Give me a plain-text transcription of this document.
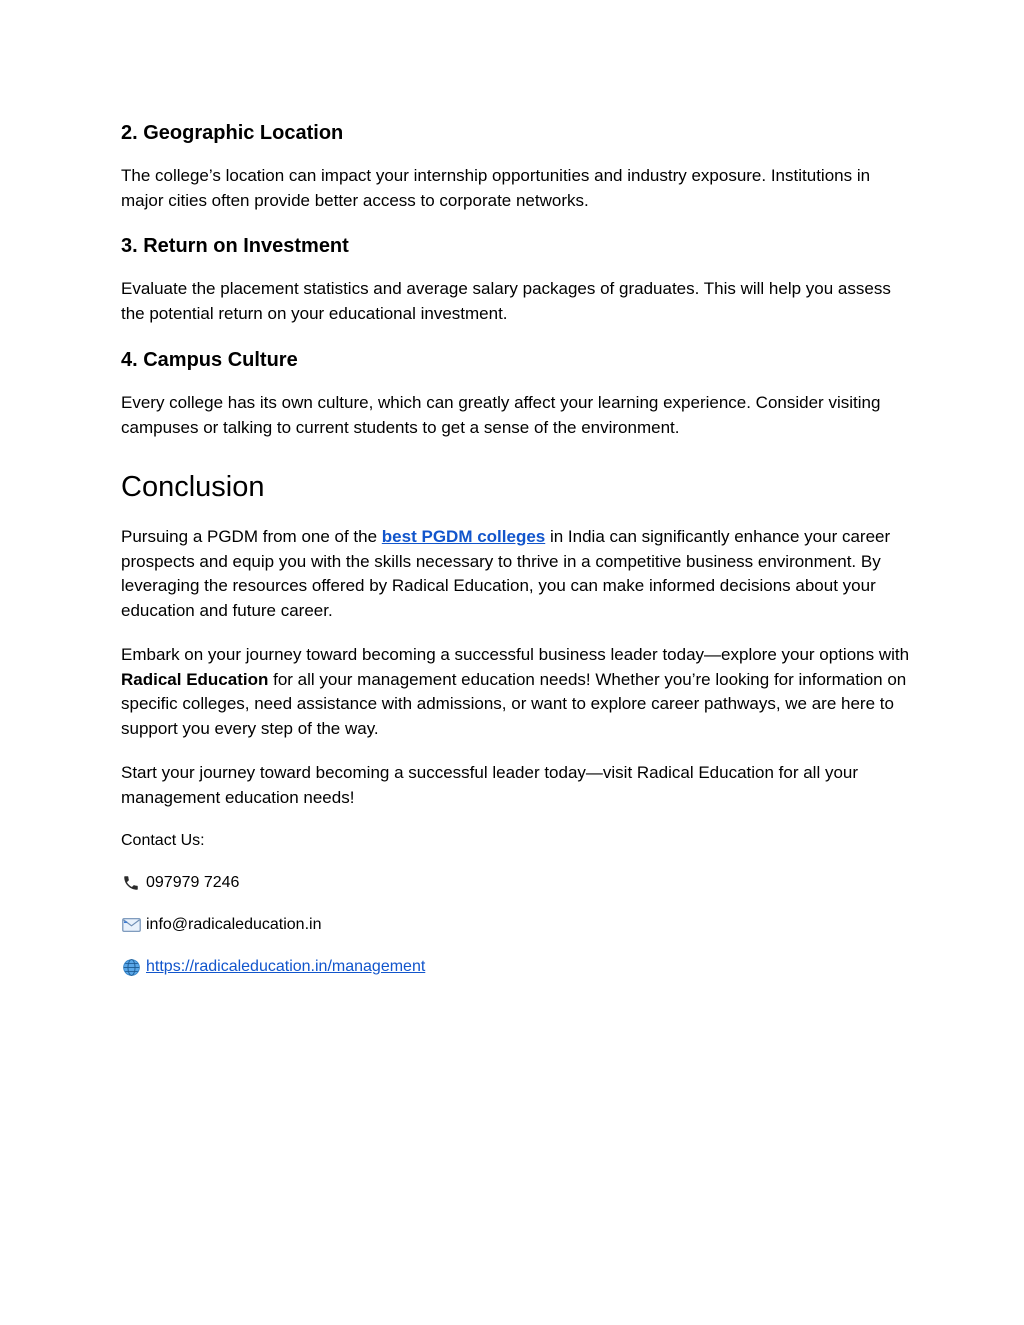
2. Geographic Location

The college’s location can impact your internship opportunities and industry exposure. Institutions in major cities often provide better access to corporate networks.

3. Return on Investment

Evaluate the placement statistics and average salary packages of graduates. This will help you assess the potential return on your educational investment.

4. Campus Culture

Every college has its own culture, which can greatly affect your learning experience. Consider visiting campuses or talking to current students to get a sense of the environment.

Conclusion

Pursuing a PGDM from one of the best PGDM colleges in India can significantly enhance your career prospects and equip you with the skills necessary to thrive in a competitive business environment. By leveraging the resources offered by Radical Education, you can make informed decisions about your education and future career.

Embark on your journey toward becoming a successful business leader today—explore your options with Radical Education for all your management education needs! Whether you’re looking for information on specific colleges, need assistance with admissions, or want to explore career pathways, we are here to support you every step of the way.

Start your journey toward becoming a successful leader today—visit Radical Education for all your management education needs!

Contact Us:

097979 7246

info@radicaleducation.in

https://radicaleducation.in/management
